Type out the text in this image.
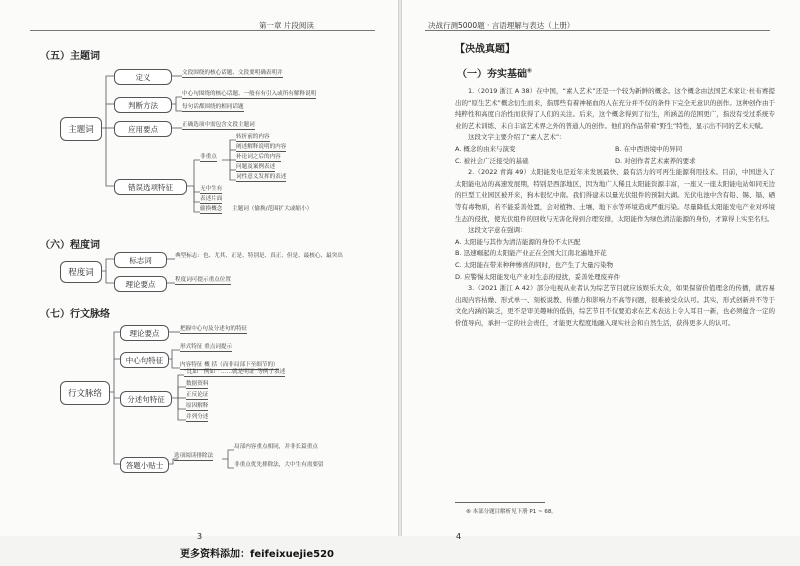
第一章 片段阅读	决战行测5000题 · 言语理解与表达（上册）
（五）主题词
主题词
定义	文段围绕的核心话题、文段要明确表明并
判断方法
中心句围绕的核心话题、一般有有引入或所有解释说明
每句话都围绕的相同话题
应用要点	正确选项中需包含文段主题词
错误选项特征
非重点
转折前的内容
阐述解释说明的内容
补论词之后的内容
问题及案例表述
词性意义发挥的表述
无中生有
表述片面
偷换概念 主题词（偷换/范围扩大或缩小）
（六）程度词
程度词
标志词	典型标志：也、尤其、正是、特别是、真正、但是、最核心、最突出
理论要点	程度词可提示重点位置
（七）行文脉络
行文脉络
理论要点	把握中心句及分述句的特征
中心句特征
形式特征 重点词提示
内容特征 概 括（而非局部下至细节的）
分述句特征
“比如”“例如”“……就是明证”等例子表述
数据资料
正反论证
原因解释
并列分述
答题小贴士
选项阅读排除法
局部内容重点相同，并非长篇重点
非重点优先排除法，大中生有需要留
3	4
更多资料添加：feifeixuejie520
【决战真题】
（一）夯实基础⑥

1.（2019 浙江 A 38）在中国，“素人艺术”还是一个较为新鲜的概念。这个概念由法国艺术家让·杜布赛提出的“原生艺术”概念衍生而来，指那些有着神秘血的人在充分并不仅的条件下完全无意识的创作。这种创作由于纯粹性和高度自治性而获得了人们的关注。后来，这个概念得到了衍生，所涵盖的范围更广，指没有受过系统专业的艺术训练、未自丰富艺术界之外的普通人的创作。他们的作品带着“野生”特性，显示出不同的艺术天赋。

这段文字主要介绍了“素人艺术”：

A. 概念的由来与演变	B. 在中西语境中的异同
C. 被社会广泛接受的基础	D. 对创作者艺术素养的要求

2.（2022 青海 49）太阳能发电是近年来发展最快、最有活力的可再生能源利用技术。目前，中国进入了太阳能电站的高速发展期，特别是西部地区，因为地广人稀且太阳能资源丰富，一座又一座太阳能电站如同无边的巨型工业园区被开来，狗木很忆中南。我们得建未以量光伏组件的预制大湖。光伏电池中含有铅、锡、镉、硒等有毒物质，若不能妥善处置，会对植物、土壤、地下水等环境造成严重污染。尽量降低太阳能发电产业对环境生态的侵扰，使光伏组件的回收与无害化得到合理安排，太阳能作为绿色清洁能源的身份，才算得上实至名归。

这段文字意在强调：

A. 太阳能与其作为清洁能源的身份不太匹配
B. 迅速崛起的太阳能产业正在全国大江南北遍地开花
C. 太阳能在带来种种惨喜的同时，也产生了大量污染物
D. 应警惕太阳能发电产业对生态的侵扰，妥善处理废弃件

3.（2021 浙江 A 42）部分电视从业者认为综艺节目就应该娱乐大众，如果保留价值理念的传播，就容易出现内容枯燥、形式单一、刻板说教、传播力和影响力不高等问题，很难被受众认可。其实，形式创新并不等于文化内涵的缺乏，更不是审美趣味的低俗，综艺节目不仅要追求在艺术表达上令人耳目一新，也必须蕴含一定的价值导向，承担一定的社会责任，才能更大程度地融入现实社会和自然生活，获得更多人的认可。

⑥ 本部分题目解析见下册 P1 ~ 68。
